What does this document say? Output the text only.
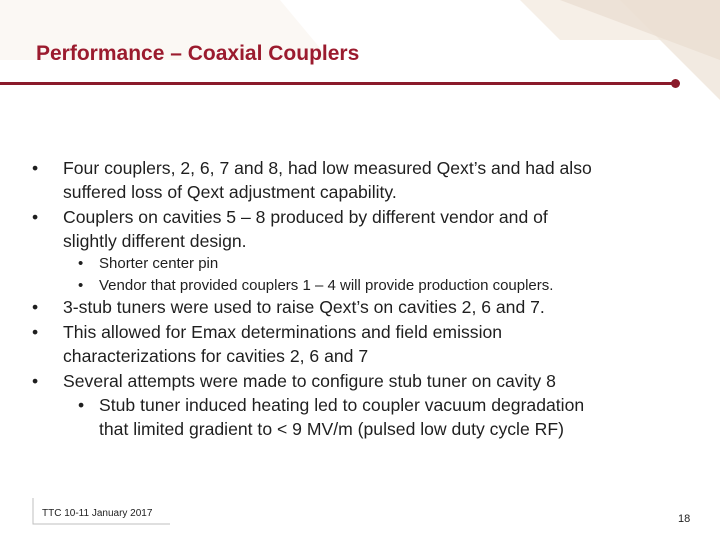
Performance – Coaxial Couplers
• Four couplers, 2, 6, 7 and 8, had low measured Qext’s and had also
suffered loss of Qext adjustment capability.
• Couplers on cavities 5 – 8 produced by different vendor and of
slightly different design.
• Shorter center pin
• Vendor that provided couplers 1 – 4 will provide production couplers.
• 3-stub tuners were used to raise Qext’s on cavities 2, 6 and 7.
• This allowed for Emax determinations and field emission
characterizations for cavities 2, 6 and 7
• Several attempts were made to configure stub tuner on cavity 8
• Stub tuner induced heating led to coupler vacuum degradation
that limited gradient to < 9 MV/m (pulsed low duty cycle RF)
TTC 10-11 January 2017	18
